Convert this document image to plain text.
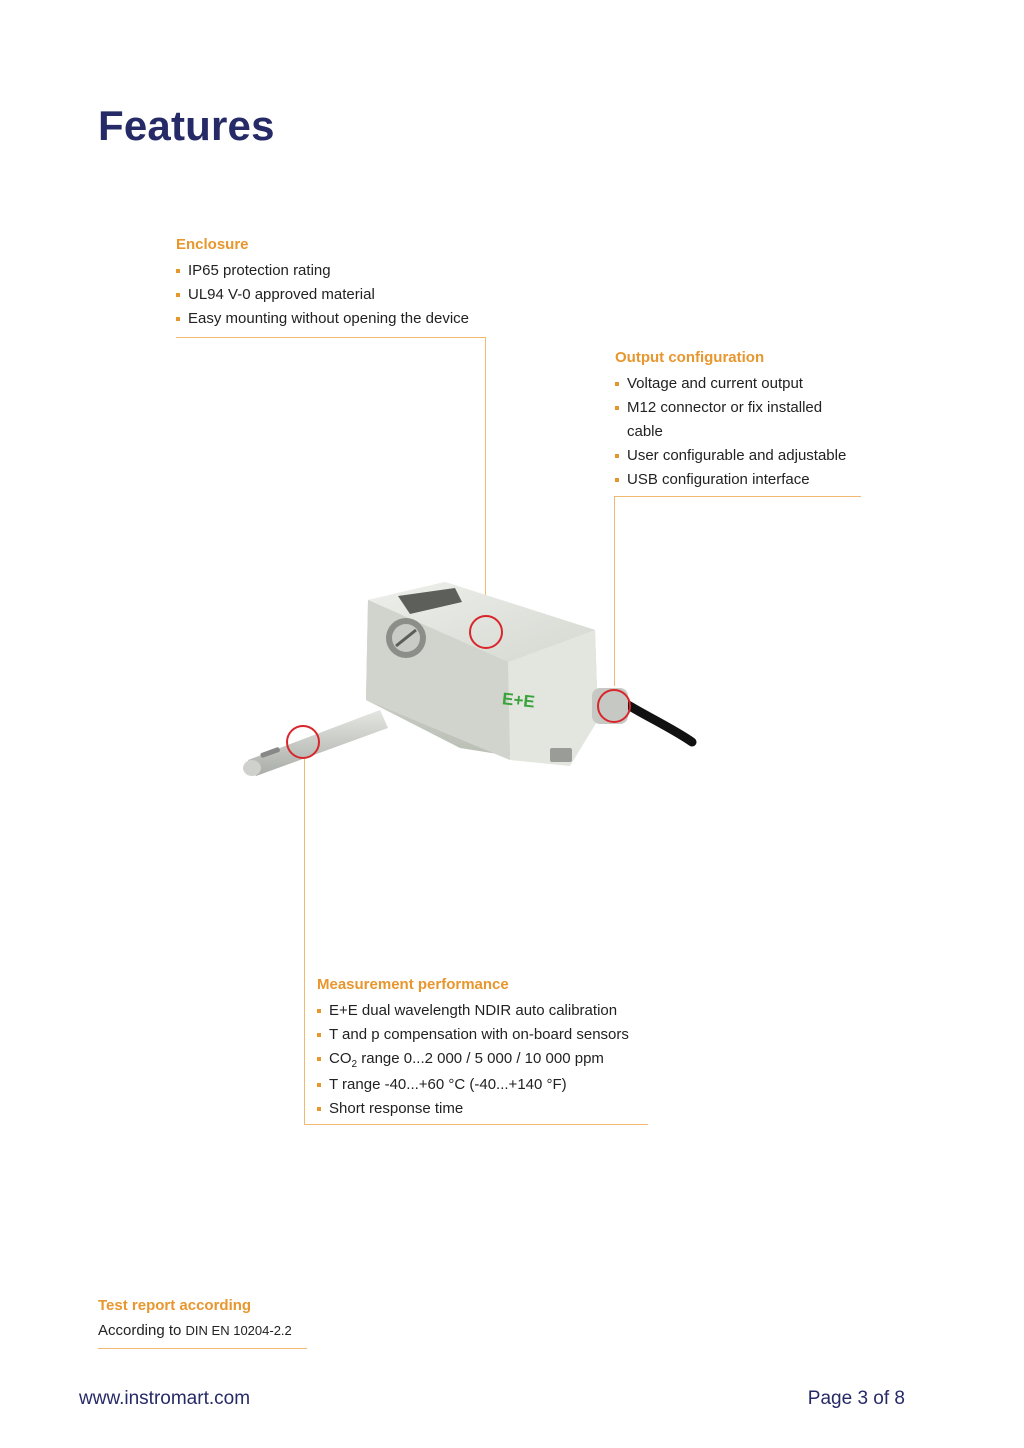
Features
Enclosure
IP65 protection rating
UL94 V-0 approved material
Easy mounting without opening the device
Output configuration
Voltage and current output
M12 connector or fix installed
cable
User configurable and adjustable
USB configuration interface
E+E
Measurement performance
E+E dual wavelength NDIR auto calibration
T and p compensation with on-board sensors
$CO_2$ range 0...2 000 / 5 000 / 10 000 ppm
T range -40...+60 °C (-40...+140 °F)
Short response time
Test report according

According to DIN EN 10204-2.2

www.instromart.com	Page 3 of 8
